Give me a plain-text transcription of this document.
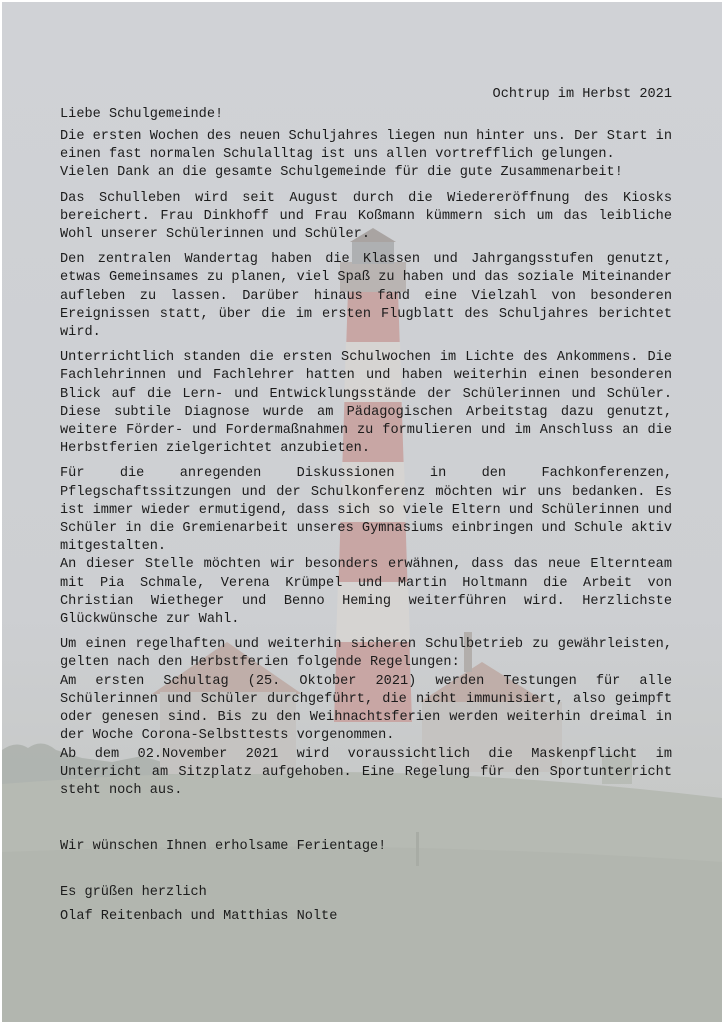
Ochtrup im Herbst 2021

Liebe Schulgemeinde!

Die ersten Wochen des neuen Schuljahres liegen nun hinter uns. Der Start in einen fast normalen Schulalltag ist uns allen vortrefflich gelungen.

Vielen Dank an die gesamte Schulgemeinde für die gute Zusammenarbeit!

Das Schulleben wird seit August durch die Wiedereröffnung des Kiosks bereichert. Frau Dinkhoff und Frau Koßmann kümmern sich um das leibliche Wohl unserer Schülerinnen und Schüler.

Den zentralen Wandertag haben die Klassen und Jahrgangsstufen genutzt, etwas Gemeinsames zu planen, viel Spaß zu haben und das soziale Miteinander aufleben zu lassen. Darüber hinaus fand eine Vielzahl von besonderen Ereignissen statt, über die im ersten Flugblatt des Schuljahres berichtet wird.

Unterrichtlich standen die ersten Schulwochen im Lichte des Ankommens. Die Fachlehrinnen und Fachlehrer hatten und haben weiterhin einen besonderen Blick auf die Lern- und Entwicklungsstände der Schülerinnen und Schüler. Diese subtile Diagnose wurde am Pädagogischen Arbeitstag dazu genutzt, weitere Förder- und Fordermaßnahmen zu formulieren und im Anschluss an die Herbstferien zielgerichtet anzubieten.

Für die anregenden Diskussionen in den Fachkonferenzen, Pflegschaftssitzungen und der Schulkonferenz möchten wir uns bedanken. Es ist immer wieder ermutigend, dass sich so viele Eltern und Schülerinnen und Schüler in die Gremienarbeit unseres Gymnasiums einbringen und Schule aktiv mitgestalten.

An dieser Stelle möchten wir besonders erwähnen, dass das neue Elternteam mit Pia Schmale, Verena Krümpel und Martin Holtmann die Arbeit von Christian Wietheger und Benno Heming weiterführen wird. Herzlichste Glückwünsche zur Wahl.

Um einen regelhaften und weiterhin sicheren Schulbetrieb zu gewährleisten, gelten nach den Herbstferien folgende Regelungen:

Am ersten Schultag (25. Oktober 2021) werden Testungen für alle Schülerinnen und Schüler durchgeführt, die nicht immunisiert, also geimpft oder genesen sind. Bis zu den Weihnachtsferien werden weiterhin dreimal in der Woche Corona-Selbsttests vorgenommen.

Ab dem 02.November 2021 wird voraussichtlich die Maskenpflicht im Unterricht am Sitzplatz aufgehoben. Eine Regelung für den Sportunterricht steht noch aus.

Wir wünschen Ihnen erholsame Ferientage!

Es grüßen herzlich

Olaf Reitenbach und Matthias Nolte
